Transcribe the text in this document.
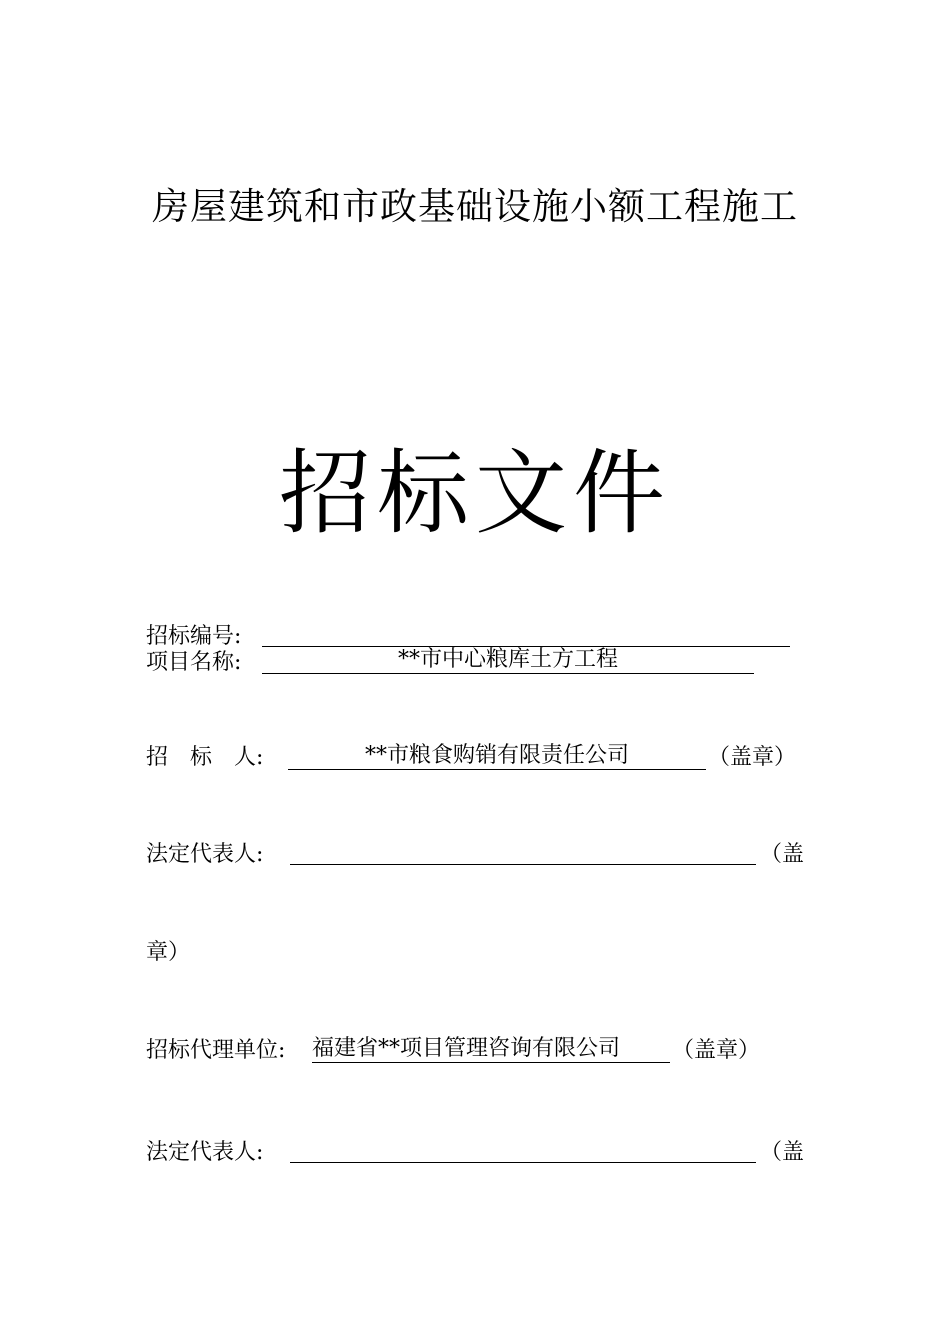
房屋建筑和市政基础设施小额工程施工
招标文件
招标编号:
项目名称:	**市中心粮库土方工程
招　标　人:	**市粮食购销有限责任公司	（盖章）
法定代表人:	（盖
章）
招标代理单位: 福建省**项目管理咨询有限公司	（盖章）
法定代表人:	（盖
